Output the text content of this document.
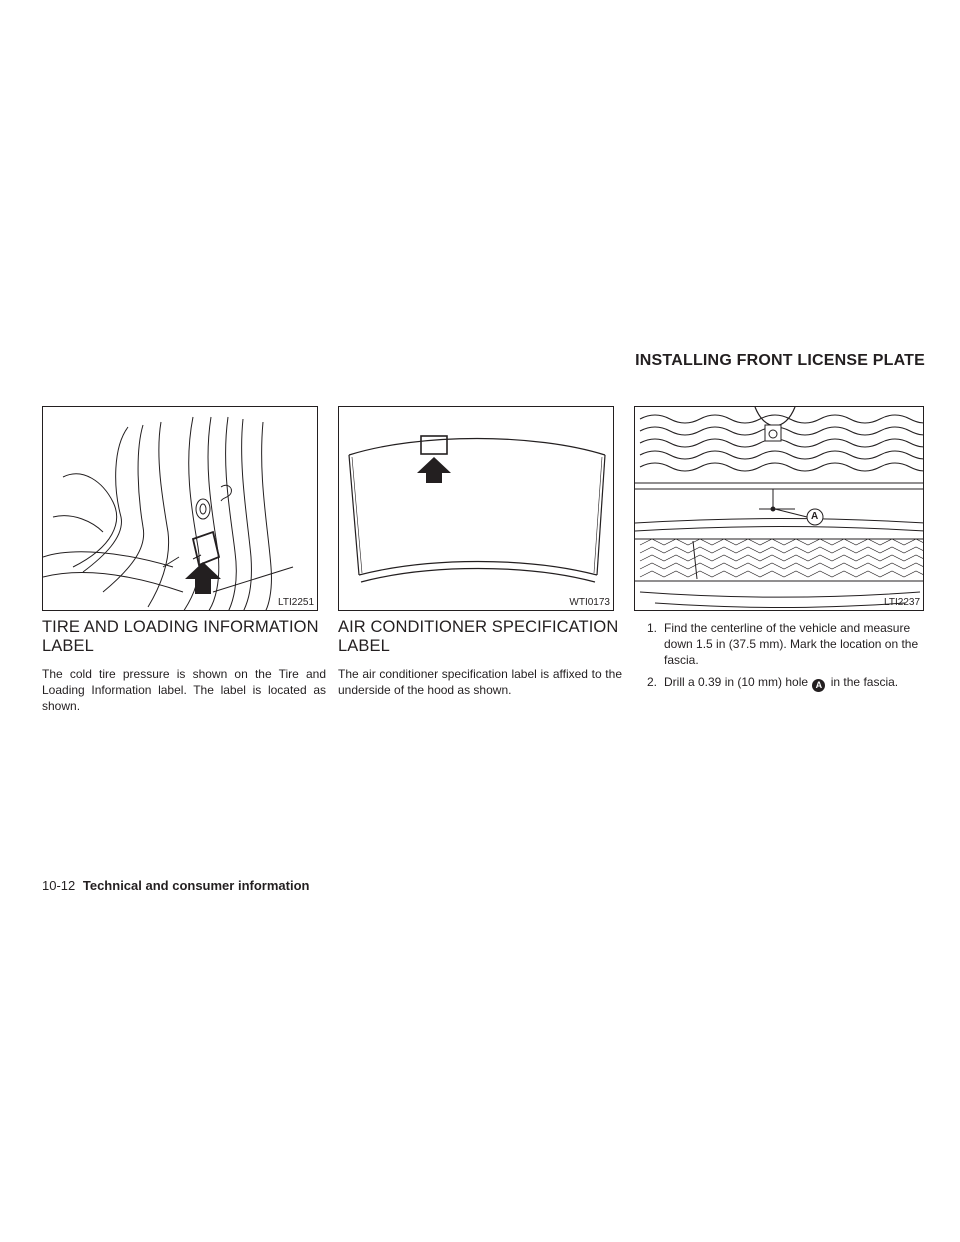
INSTALLING FRONT LICENSE PLATE
LTI2251	WTI0173
A
LTI2237
TIRE AND LOADING INFORMATION LABEL

The cold tire pressure is shown on the Tire and Loading Information label. The label is located as shown.

AIR CONDITIONER SPECIFICATION LABEL

The air conditioner specification label is affixed to the underside of the hood as shown.

1. Find the centerline of the vehicle and measure down 1.5 in (37.5 mm). Mark the location on the fascia.
2. Drill a 0.39 in (10 mm) hole A in the fascia.
10-12 Technical and consumer information
